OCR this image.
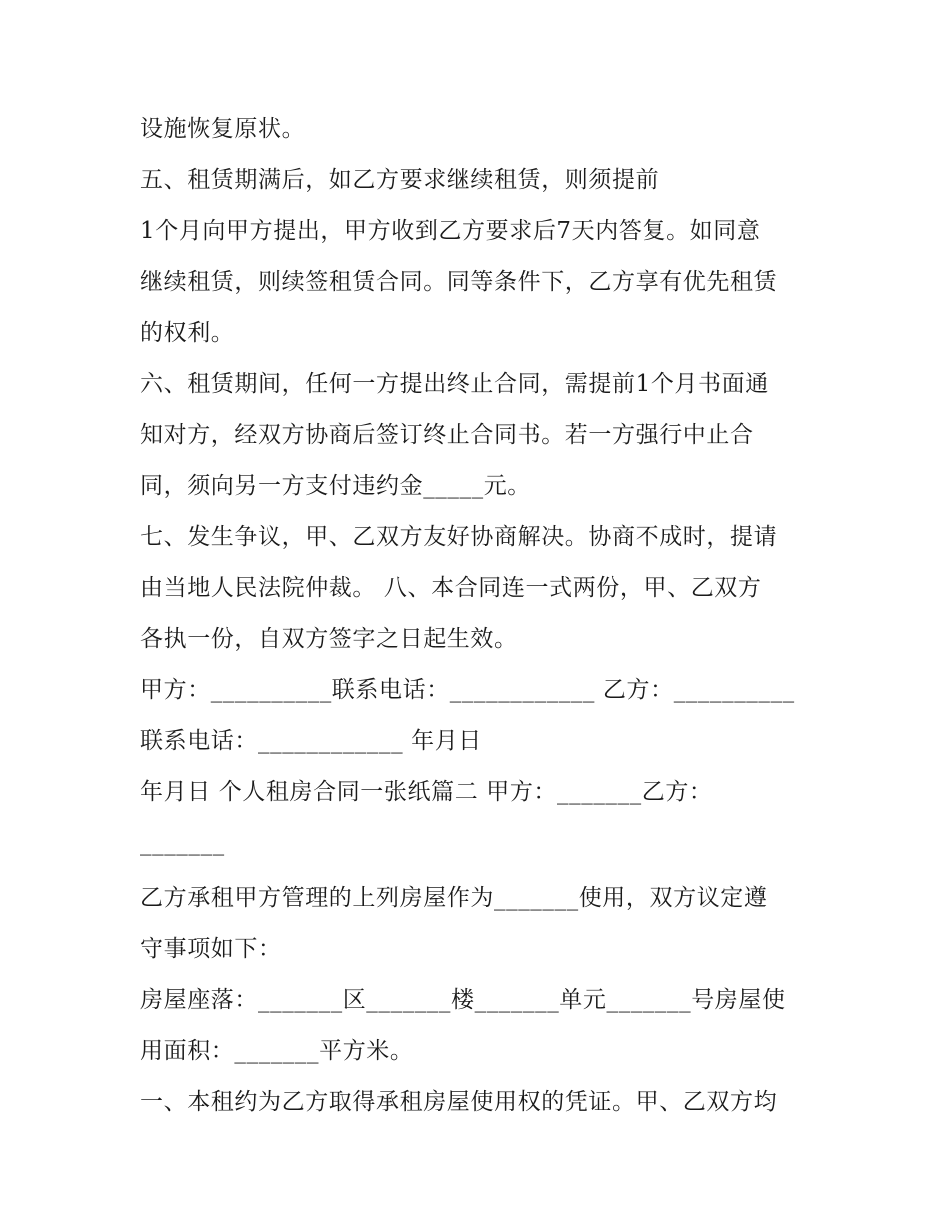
设施恢复原状。
五、租赁期满后，如乙方要求继续租赁，则须提前
1个月向甲方提出，甲方收到乙方要求后7天内答复。如同意
继续租赁，则续签租赁合同。同等条件下，乙方享有优先租赁
的权利。
六、租赁期间，任何一方提出终止合同，需提前1个月书面通
知对方，经双方协商后签订终止合同书。若一方强行中止合
同，须向另一方支付违约金_____元。
七、发生争议，甲、乙双方友好协商解决。协商不成时，提请
由当地人民法院仲裁。 八、本合同连一式两份，甲、乙双方
各执一份，自双方签字之日起生效。
甲方：__________联系电话：____________ 乙方：__________
联系电话：____________ 年月日
年月日 个人租房合同一张纸篇二 甲方：_______乙方：
_______
乙方承租甲方管理的上列房屋作为_______使用，双方议定遵
守事项如下：
房屋座落：_______区_______楼_______单元_______号房屋使
用面积：_______平方米。
一、本租约为乙方取得承租房屋使用权的凭证。甲、乙双方均
